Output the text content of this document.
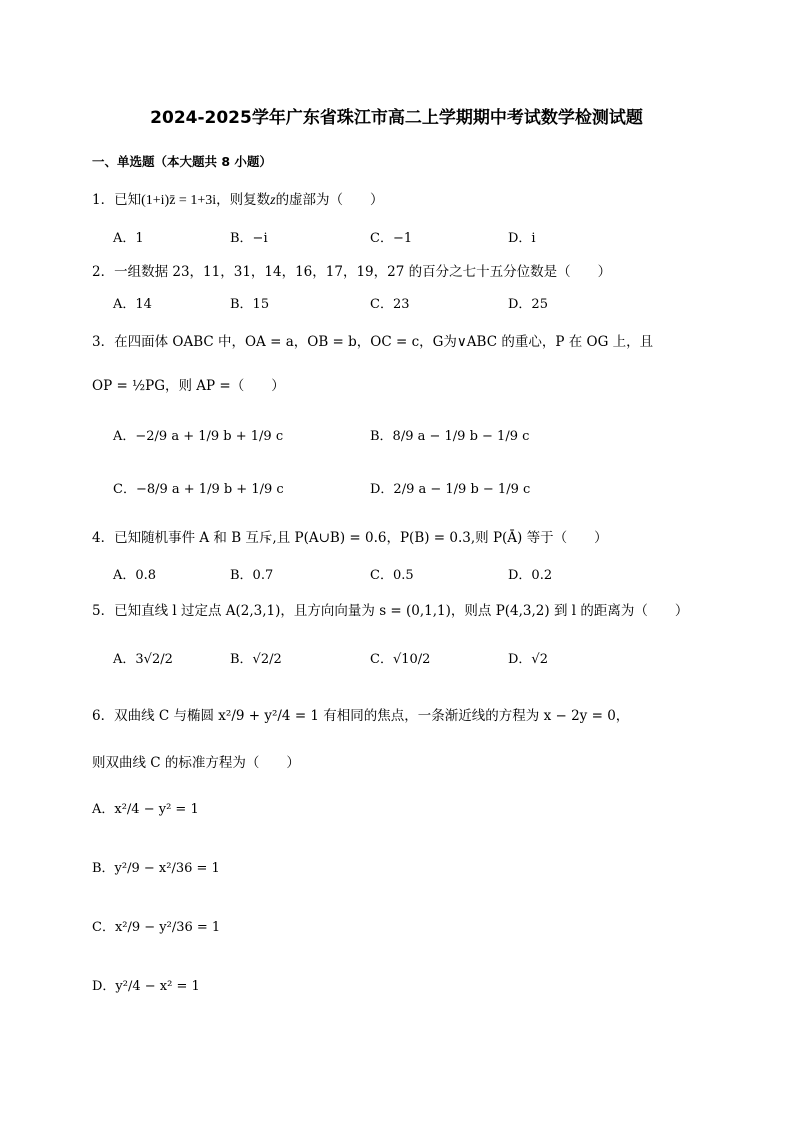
2024-2025学年广东省珠江市高二上学期期中考试数学检测试题
一、单选题（本大题共 8 小题）
1．已知(1+i)z̄ = 1+3i，则复数z的虚部为（　　）
A．1	B．−i	C．−1	D．i
2．一组数据 23，11，31，14，16，17，19，27 的百分之七十五分位数是（　　）
A．14	B．15	C．23	D．25
3．在四面体 OABC 中，OA = a，OB = b，OC = c，G为∨ABC 的重心，P 在 OG 上，且
OP = ½PG，则 AP =（　　）
A．−2/9 a + 1/9 b + 1/9 c	B．8/9 a − 1/9 b − 1/9 c
C．−8/9 a + 1/9 b + 1/9 c	D．2/9 a − 1/9 b − 1/9 c
4．已知随机事件 A 和 B 互斥,且 P(A∪B) = 0.6，P(B) = 0.3,则 P(Ā) 等于（　　）
A．0.8	B．0.7	C．0.5	D．0.2
5．已知直线 l 过定点 A(2,3,1)，且方向向量为 s = (0,1,1)，则点 P(4,3,2) 到 l 的距离为（　　）
A．3√2/2	B．√2/2	C．√10/2	D．√2
6．双曲线 C 与椭圆 x²/9 + y²/4 = 1 有相同的焦点，一条渐近线的方程为 x − 2y = 0，
则双曲线 C 的标准方程为（　　）
A．x²/4 − y² = 1
B．y²/9 − x²/36 = 1
C．x²/9 − y²/36 = 1
D．y²/4 − x² = 1
